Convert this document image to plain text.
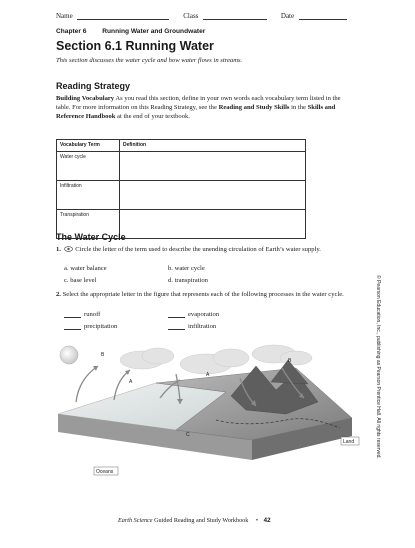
Name	Class	Date
Chapter 6 Running Water and Groundwater
Section 6.1 Running Water
This section discusses the water cycle and how water flows in streams.
Reading Strategy
Building Vocabulary As you read this section, define in your own words each vocabulary term listed in the table. For more information on this Reading Strategy, see the Reading and Study Skills in the Skills and Reference Handbook at the end of your textbook.
Vocabulary Term	Definition
Water cycle	
Infiltration	
Transpiration	
The Water Cycle
1. Circle the letter of the term used to describe the unending circulation of Earth’s water supply.
a. water balance	b. water cycle
c. base level	d. transpiration
2. Select the appropriate letter in the figure that represents each of the following processes in the water cycle.
runoff	evaporation
precipitation	infiltration
B
A
A
B
C
Land
Oceans
© Pearson Education, Inc., publishing as Pearson Prentice Hall. All rights reserved.
Earth Science Guided Reading and Study Workbook • 42
